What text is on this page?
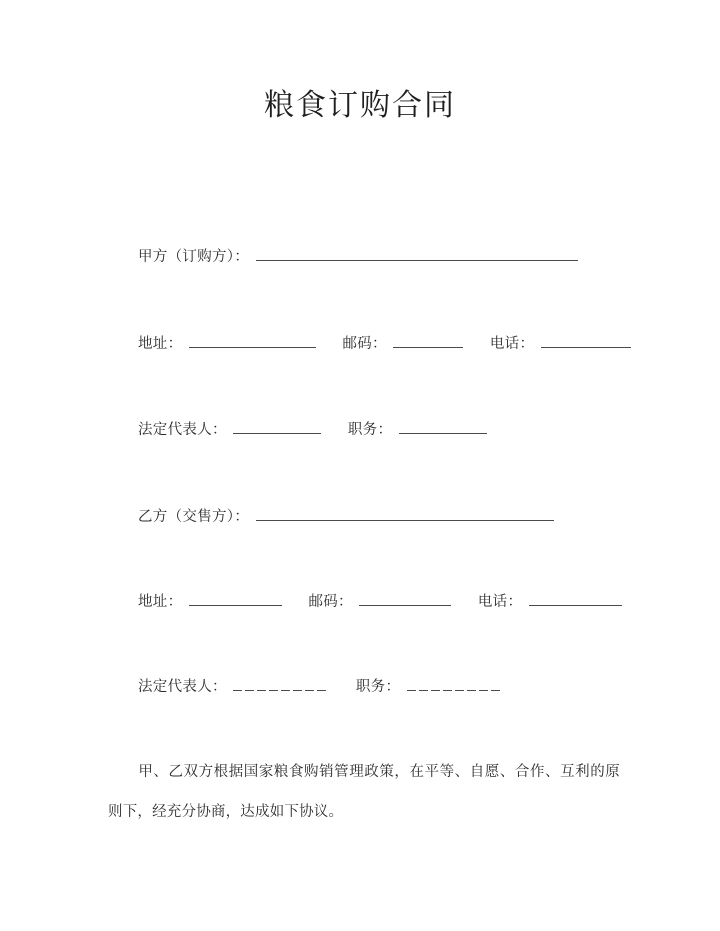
粮食订购合同
甲方（订购方）：
地址：	邮码：	电话：
法定代表人：	职务：
乙方（交售方）：
地址：	邮码：	电话：
法定代表人：	职务：
甲、乙双方根据国家粮食购销管理政策，在平等、自愿、合作、互利的原则下，经充分协商，达成如下协议。
